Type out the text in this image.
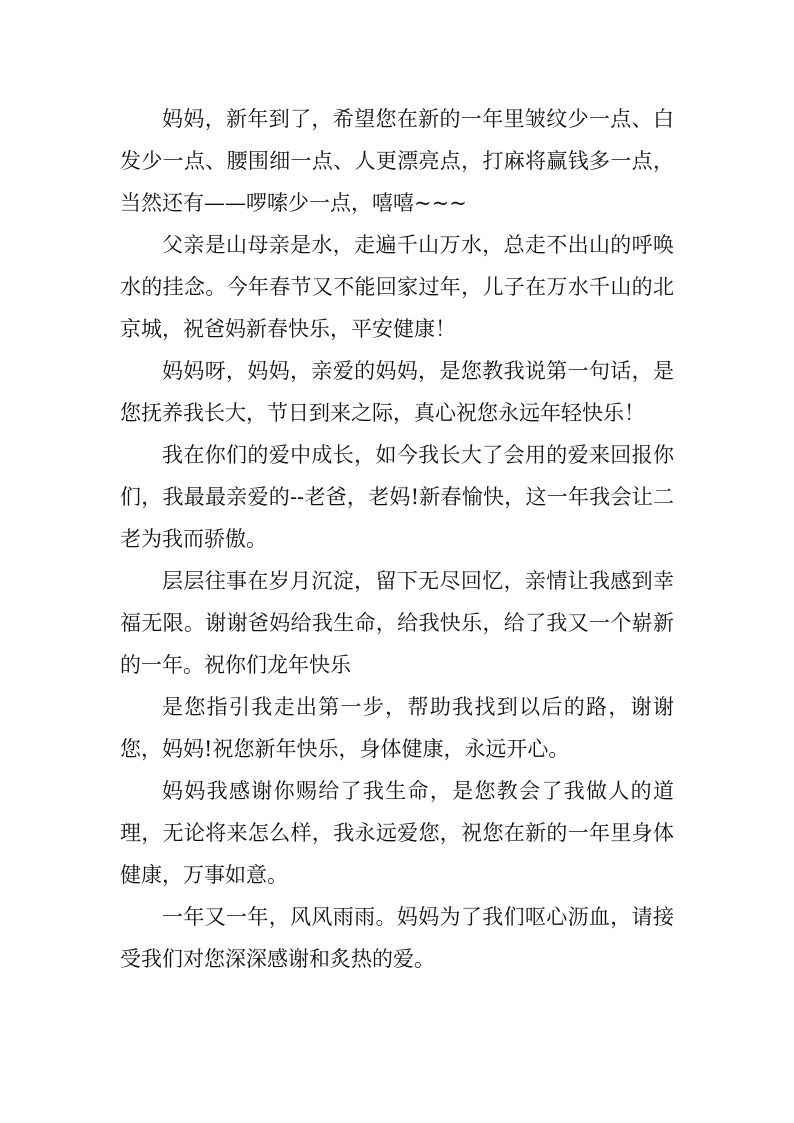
妈妈，新年到了，希望您在新的一年里皱纹少一点、白发少一点、腰围细一点、人更漂亮点，打麻将赢钱多一点，当然还有——啰嗦少一点，嘻嘻~~~

父亲是山母亲是水，走遍千山万水，总走不出山的呼唤水的挂念。今年春节又不能回家过年，儿子在万水千山的北京城，祝爸妈新春快乐，平安健康！

妈妈呀，妈妈，亲爱的妈妈，是您教我说第一句话，是您抚养我长大，节日到来之际，真心祝您永远年轻快乐！

我在你们的爱中成长，如今我长大了会用的爱来回报你们，我最最亲爱的--老爸，老妈!新春愉快，这一年我会让二老为我而骄傲。

层层往事在岁月沉淀，留下无尽回忆，亲情让我感到幸福无限。谢谢爸妈给我生命，给我快乐，给了我又一个崭新的一年。祝你们龙年快乐

是您指引我走出第一步，帮助我找到以后的路，谢谢您，妈妈!祝您新年快乐，身体健康，永远开心。

妈妈我感谢你赐给了我生命，是您教会了我做人的道理，无论将来怎么样，我永远爱您，祝您在新的一年里身体健康，万事如意。

一年又一年，风风雨雨。妈妈为了我们呕心沥血，请接受我们对您深深感谢和炙热的爱。
